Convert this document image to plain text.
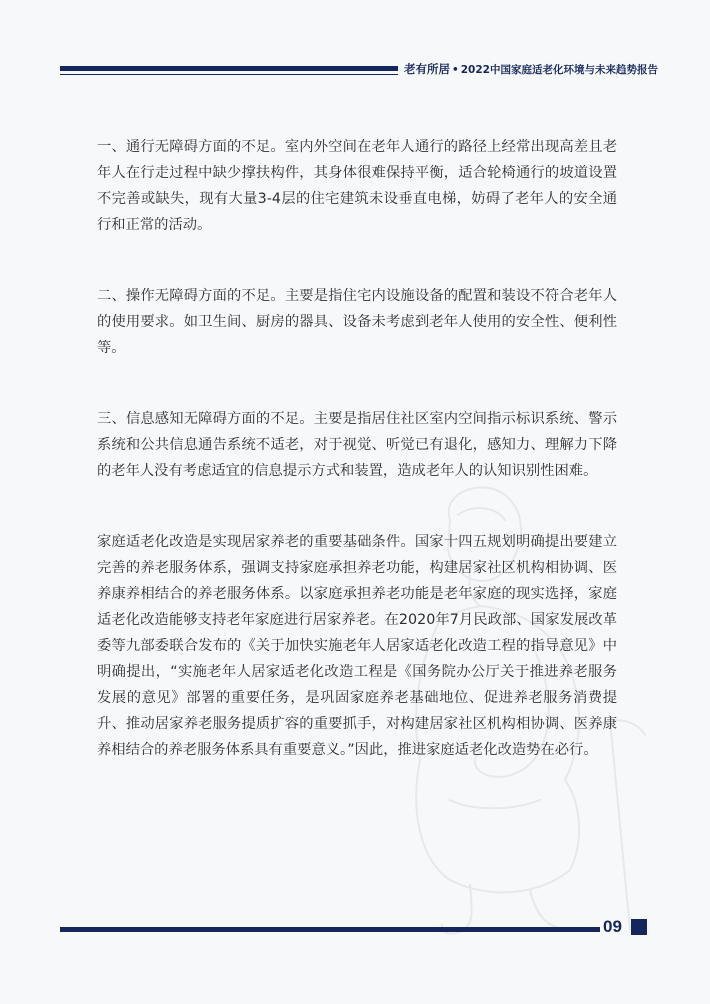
老有所居 • 2022中国家庭适老化环境与未来趋势报告

一、通行无障碍方面的不足。室内外空间在老年人通行的路径上经常出现高差且老年人在行走过程中缺少撑扶构件，其身体很难保持平衡，适合轮椅通行的坡道设置不完善或缺失，现有大量3-4层的住宅建筑未设垂直电梯，妨碍了老年人的安全通行和正常的活动。

二、操作无障碍方面的不足。主要是指住宅内设施设备的配置和装设不符合老年人的使用要求。如卫生间、厨房的器具、设备未考虑到老年人使用的安全性、便利性等。

三、信息感知无障碍方面的不足。主要是指居住社区室内空间指示标识系统、警示系统和公共信息通告系统不适老，对于视觉、听觉已有退化，感知力、理解力下降的老年人没有考虑适宜的信息提示方式和装置，造成老年人的认知识别性困难。

家庭适老化改造是实现居家养老的重要基础条件。国家十四五规划明确提出要建立完善的养老服务体系，强调支持家庭承担养老功能，构建居家社区机构相协调、医养康养相结合的养老服务体系。以家庭承担养老功能是老年家庭的现实选择，家庭适老化改造能够支持老年家庭进行居家养老。在2020年7月民政部、国家发展改革委等九部委联合发布的《关于加快实施老年人居家适老化改造工程的指导意见》中明确提出，“实施老年人居家适老化改造工程是《国务院办公厅关于推进养老服务发展的意见》部署的重要任务，是巩固家庭养老基础地位、促进养老服务消费提升、推动居家养老服务提质扩容的重要抓手，对构建居家社区机构相协调、医养康养相结合的养老服务体系具有重要意义。”因此，推进家庭适老化改造势在必行。

09
